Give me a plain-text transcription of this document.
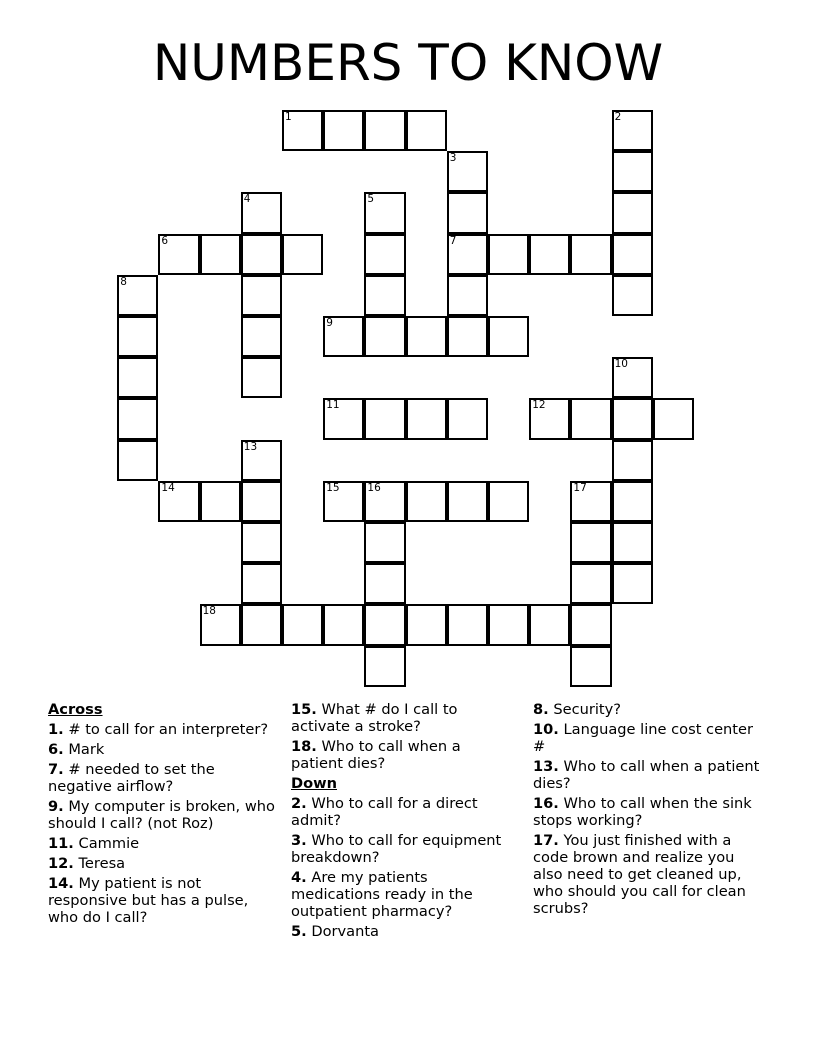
NUMBERS TO KNOW
1	2
3
4	5
6	7
8
9
10
11	12
13
14	15	16	17
18
Across
1. # to call for an interpreter?
6. Mark
7. # needed to set the negative airflow?
9. My computer is broken, who should I call? (not Roz)
11. Cammie
12. Teresa
14. My patient is not responsive but has a pulse, who do I call?
15. What # do I call to activate a stroke?
18. Who to call when a patient dies?
Down
2. Who to call for a direct admit?
3. Who to call for equipment breakdown?
4. Are my patients medications ready in the outpatient pharmacy?
5. Dorvanta
8. Security?
10. Language line cost center #
13. Who to call when a patient dies?
16. Who to call when the sink stops working?
17. You just finished with a code brown and realize you also need to get cleaned up, who should you call for clean scrubs?
